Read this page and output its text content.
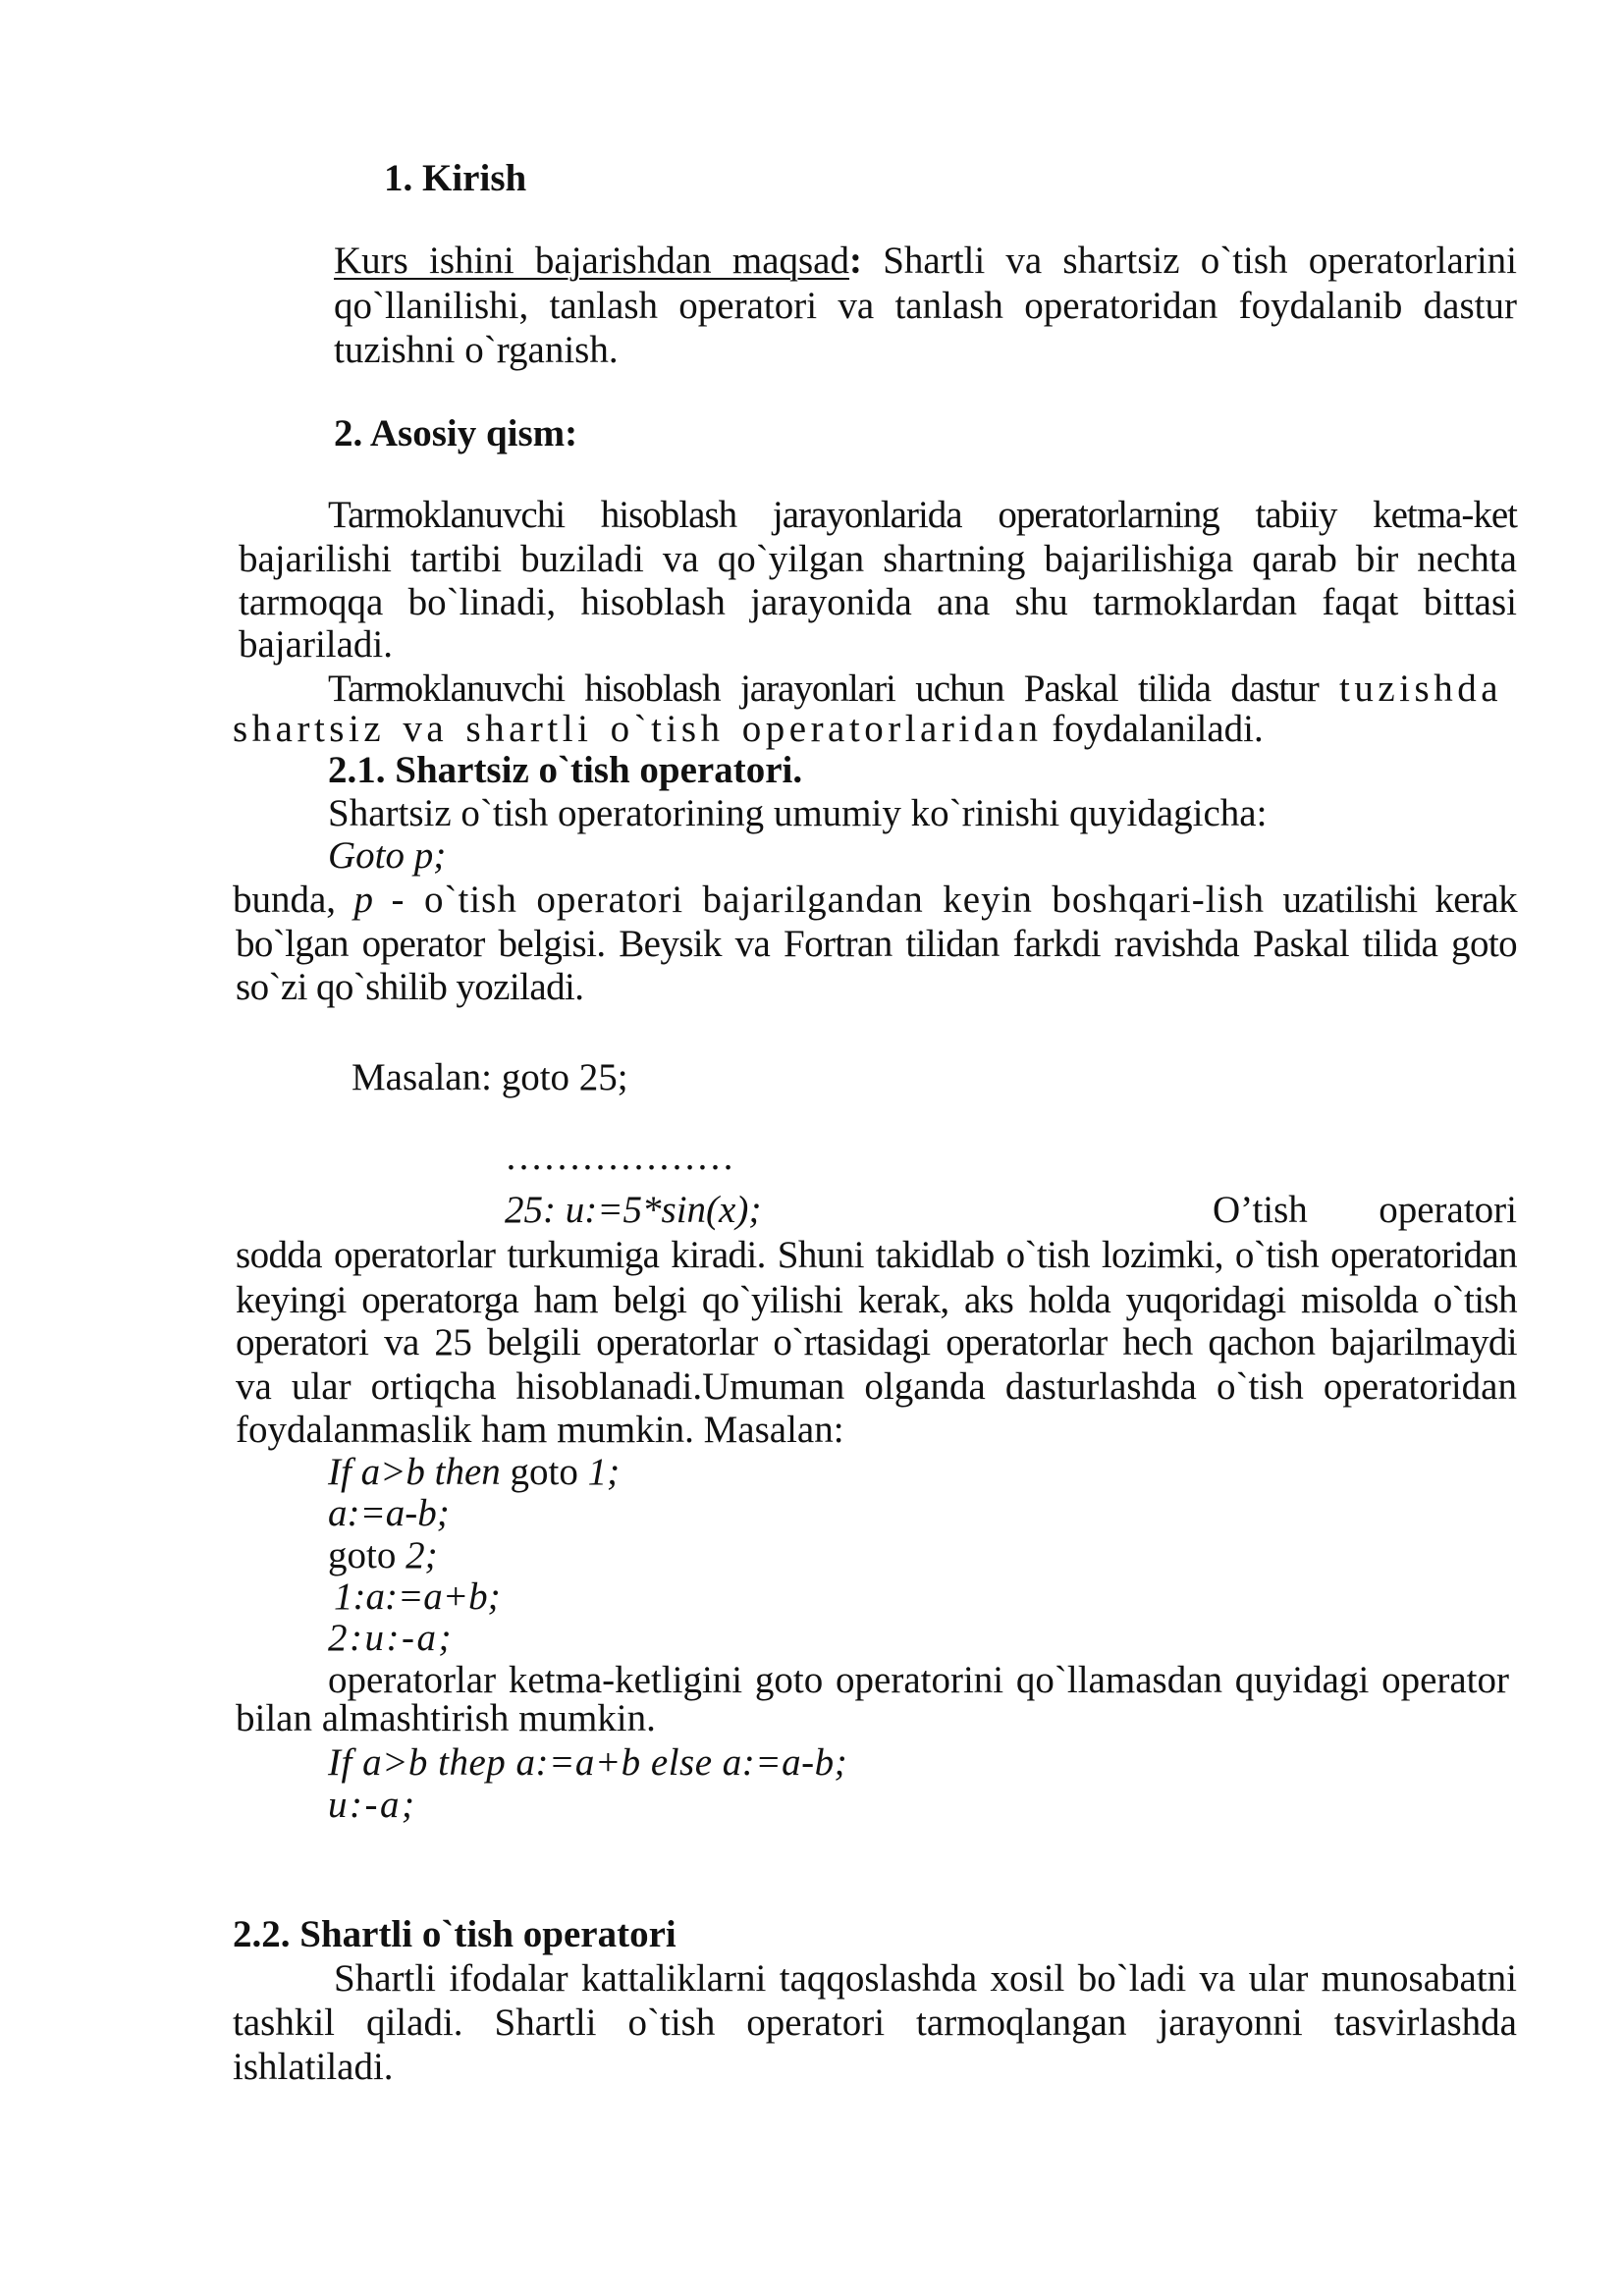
1. Kirish
Kurs ishini bajarishdan maqsad: Shartli va shartsiz o`tish operatorlarini
qo`llanilishi, tanlash operatori va tanlash operatoridan foydalanib dastur
tuzishni o`rganish.
2. Asosiy qism:
Tarmoklanuvchi hisoblash jarayonlarida operatorlarning tabiiy ketma-ket
bajarilishi tartibi buziladi va qo`yilgan shartning bajarilishiga qarab bir nechta
tarmoqqa bo`linadi, hisoblash jarayonida ana shu tarmoklardan faqat bittasi
bajariladi.
Tarmoklanuvchi hisoblash jarayonlari uchun Paskal tilida dastur tuzishda
shartsiz va shartli o`tish operatorlaridan foydalaniladi.
2.1. Shartsiz o`tish operatori.
Shartsiz o`tish operatorining umumiy ko`rinishi quyidagicha:
Goto p;
bunda, p - o`tish operatori bajarilgandan keyin boshqari-lish uzatilishi kerak
bo`lgan operator belgisi. Beysik va Fortran tilidan farkdi ravishda Paskal tilida goto
so`zi qo`shilib yoziladi.
Masalan: goto 25;
………………
25: u:=5*sin(x);	O’tish operatori
sodda operatorlar turkumiga kiradi. Shuni takidlab o`tish lozimki, o`tish operatoridan
keyingi operatorga ham belgi qo`yilishi kerak, aks holda yuqoridagi misolda o`tish
operatori va 25 belgili operatorlar o`rtasidagi operatorlar hech qachon bajarilmaydi
va ular ortiqcha hisoblanadi.Umuman olganda dasturlashda o`tish operatoridan
foydalanmaslik ham mumkin. Masalan:
If a>b then goto 1;
a:=a-b;
goto 2;
1:a:=a+b;
2:u:-a;
operatorlar ketma-ketligini goto operatorini qo`llamasdan quyidagi operator
bilan almashtirish mumkin.
If a>b thep a:=a+b else a:=a-b;
u:-a;
2.2. Shartli o`tish operatori
Shartli ifodalar kattaliklarni taqqoslashda xosil bo`ladi va ular munosabatni
tashkil qiladi. Shartli o`tish operatori tarmoqlangan jarayonni tasvirlashda
ishlatiladi.
